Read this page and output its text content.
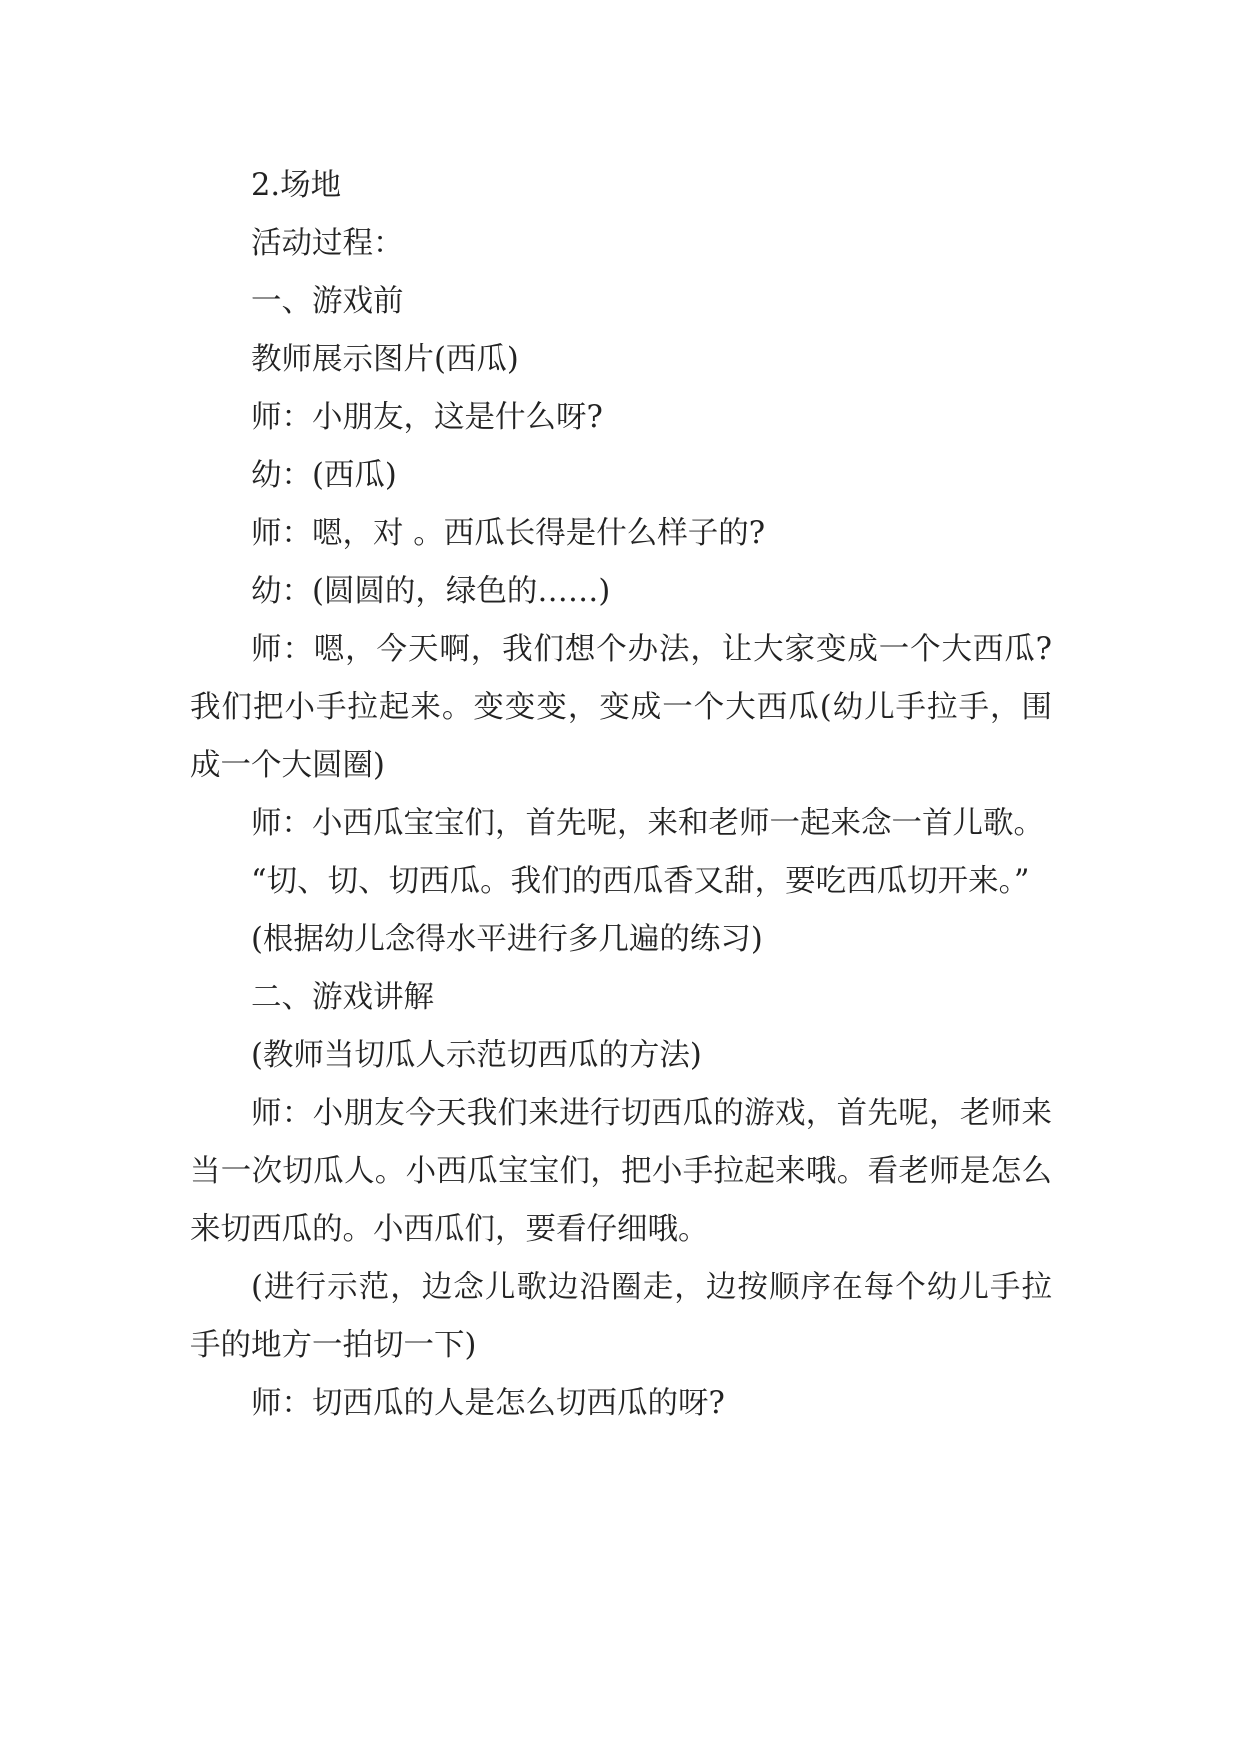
2.场地

活动过程：

一、游戏前

教师展示图片(西瓜)

师：小朋友，这是什么呀?

幼：(西瓜)

师：嗯，对 。西瓜长得是什么样子的?

幼：(圆圆的，绿色的……)

师：嗯，今天啊，我们想个办法，让大家变成一个大西瓜?我们把小手拉起来。变变变，变成一个大西瓜(幼儿手拉手，围成一个大圆圈)

师：小西瓜宝宝们，首先呢，来和老师一起来念一首儿歌。

“切、切、切西瓜。我们的西瓜香又甜，要吃西瓜切开来。”

(根据幼儿念得水平进行多几遍的练习)

二、游戏讲解

(教师当切瓜人示范切西瓜的方法)

师：小朋友今天我们来进行切西瓜的游戏，首先呢，老师来当一次切瓜人。小西瓜宝宝们，把小手拉起来哦。看老师是怎么来切西瓜的。小西瓜们，要看仔细哦。

(进行示范，边念儿歌边沿圈走，边按顺序在每个幼儿手拉手的地方一拍切一下)

师：切西瓜的人是怎么切西瓜的呀?
